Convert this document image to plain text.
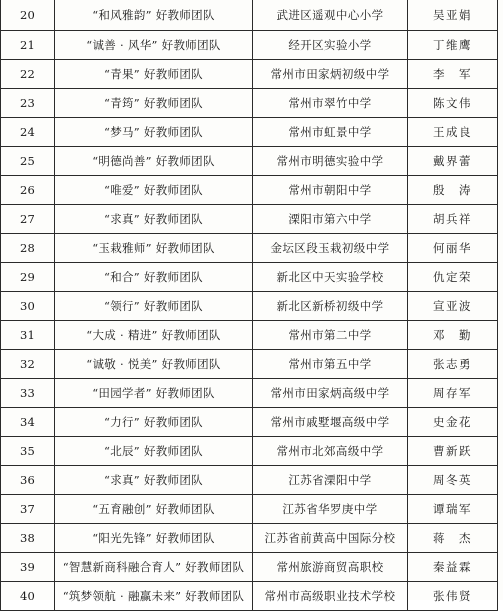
20	“和风雅韵” 好教师团队	武进区遥观中心小学	吴亚娟
21	“诚善 · 风华” 好教师团队	经开区实验小学	丁维鹰
22	“青果” 好教师团队	常州市田家炳初级中学	李　军
23	“青筠” 好教师团队	常州市翠竹中学	陈文伟
24	“梦马” 好教师团队	常州市虹景中学	王成良
25	“明德尚善” 好教师团队	常州市明德实验中学	戴界蕾
26	“唯爱” 好教师团队	常州市朝阳中学	殷　涛
27	“求真” 好教师团队	溧阳市第六中学	胡兵祥
28	“玉栽雅师” 好教师团队	金坛区段玉栽初级中学	何丽华
29	“和合” 好教师团队	新北区中天实验学校	仇定荣
30	“领行” 好教师团队	新北区新桥初级中学	宣亚波
31	“大成 · 精进” 好教师团队	常州市第二中学	邓　勤
32	“诚敬 · 悦美” 好教师团队	常州市第五中学	张志勇
33	“田园学者” 好教师团队	常州市田家炳高级中学	周存军
34	“力行” 好教师团队	常州市戚墅堰高级中学	史金花
35	“北辰” 好教师团队	常州市北郊高级中学	曹新跃
36	“求真” 好教师团队	江苏省溧阳中学	周冬英
37	“五育融创” 好教师团队	江苏省华罗庚中学	谭瑞军
38	“阳光先锋” 好教师团队	江苏省前黄高中国际分校	蒋　杰
39	“智慧新商科融合育人” 好教师团队	常州旅游商贸高职校	秦益霖
40	“筑梦领航 · 融赢未来” 好教师团队	常州市高级职业技术学校	张伟贤
